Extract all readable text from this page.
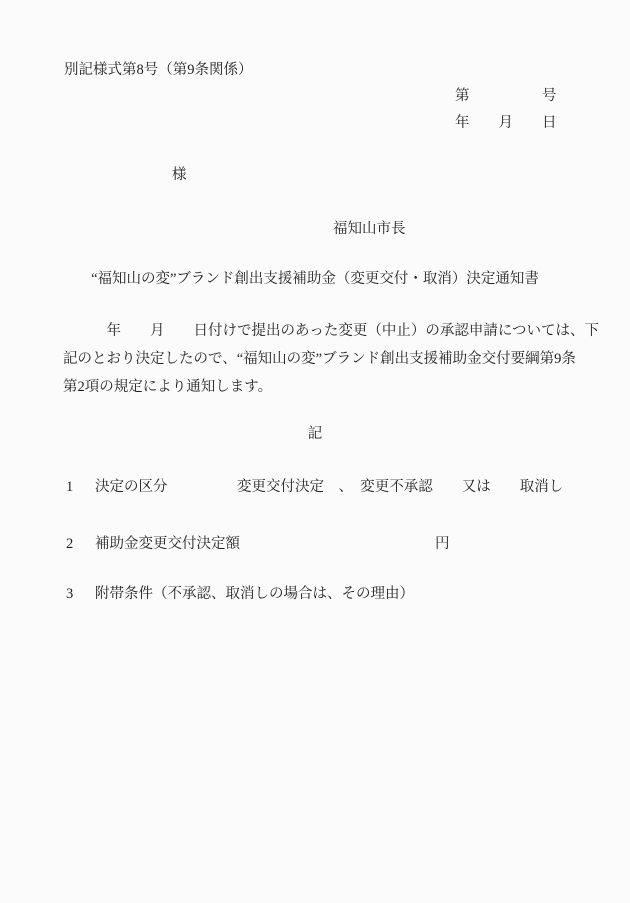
別記様式第8号（第9条関係）
第　　　　　号
年　　月　　日
様
福知山市長
“福知山の変”ブランド創出支援補助金（変更交付・取消）決定通知書
　　　年　　月　　日付けで提出のあった変更（中止）の承認申請については、下
記のとおり決定したので、“福知山の変”ブランド創出支援補助金交付要綱第9条
第2項の規定により通知します。
記
1 決定の区分	変更交付決定　、　変更不承認　　又は　　取消し
2 補助金変更交付決定額	円
3 附帯条件（不承認、取消しの場合は、その理由）
